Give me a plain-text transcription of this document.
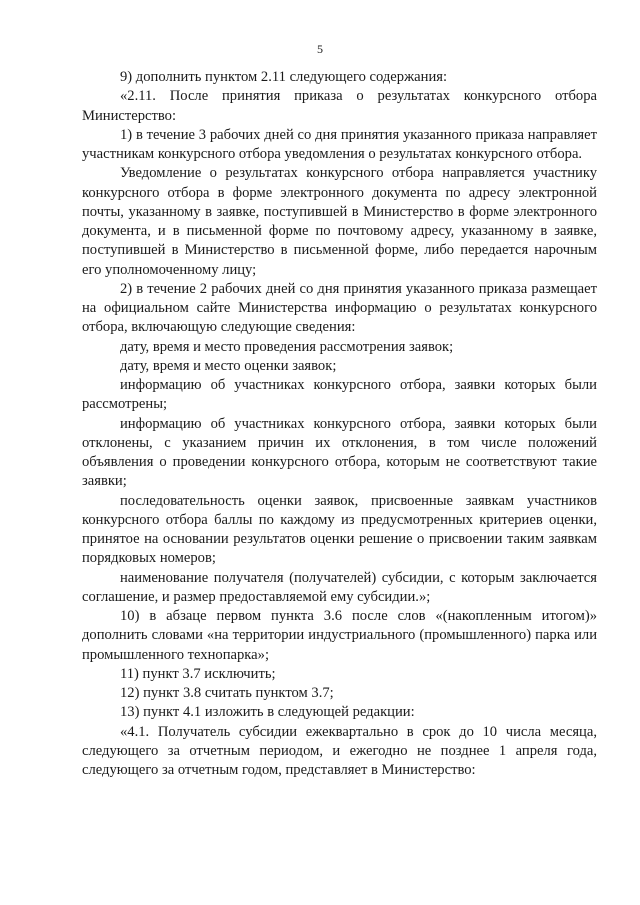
5

9) дополнить пунктом 2.11 следующего содержания:

«2.11. После принятия приказа о результатах конкурсного отбора Министерство:

1) в течение 3 рабочих дней со дня принятия указанного приказа направляет участникам конкурсного отбора уведомления о результатах конкурсного отбора.

Уведомление о результатах конкурсного отбора направляется участнику конкурсного отбора в форме электронного документа по адресу электронной почты, указанному в заявке, поступившей в Министерство в форме электронного документа, и в письменной форме по почтовому адресу, указанному в заявке, поступившей в Министерство в письменной форме, либо передается нарочным его уполномоченному лицу;

2) в течение 2 рабочих дней со дня принятия указанного приказа размещает на официальном сайте Министерства информацию о результатах конкурсного отбора, включающую следующие сведения:

дату, время и место проведения рассмотрения заявок;

дату, время и место оценки заявок;

информацию об участниках конкурсного отбора, заявки которых были рассмотрены;

информацию об участниках конкурсного отбора, заявки которых были отклонены, с указанием причин их отклонения, в том числе положений объявления о проведении конкурсного отбора, которым не соответствуют такие заявки;

последовательность оценки заявок, присвоенные заявкам участников конкурсного отбора баллы по каждому из предусмотренных критериев оценки, принятое на основании результатов оценки решение о присвоении таким заявкам порядковых номеров;

наименование получателя (получателей) субсидии, с которым заключается соглашение, и размер предоставляемой ему субсидии.»;

10) в абзаце первом пункта 3.6 после слов «(накопленным итогом)» дополнить словами «на территории индустриального (промышленного) парка или промышленного технопарка»;

11) пункт 3.7 исключить;

12) пункт 3.8 считать пунктом 3.7;

13) пункт 4.1 изложить в следующей редакции:

«4.1. Получатель субсидии ежеквартально в срок до 10 числа месяца, следующего за отчетным периодом, и ежегодно не позднее 1 апреля года, следующего за отчетным годом, представляет в Министерство:
